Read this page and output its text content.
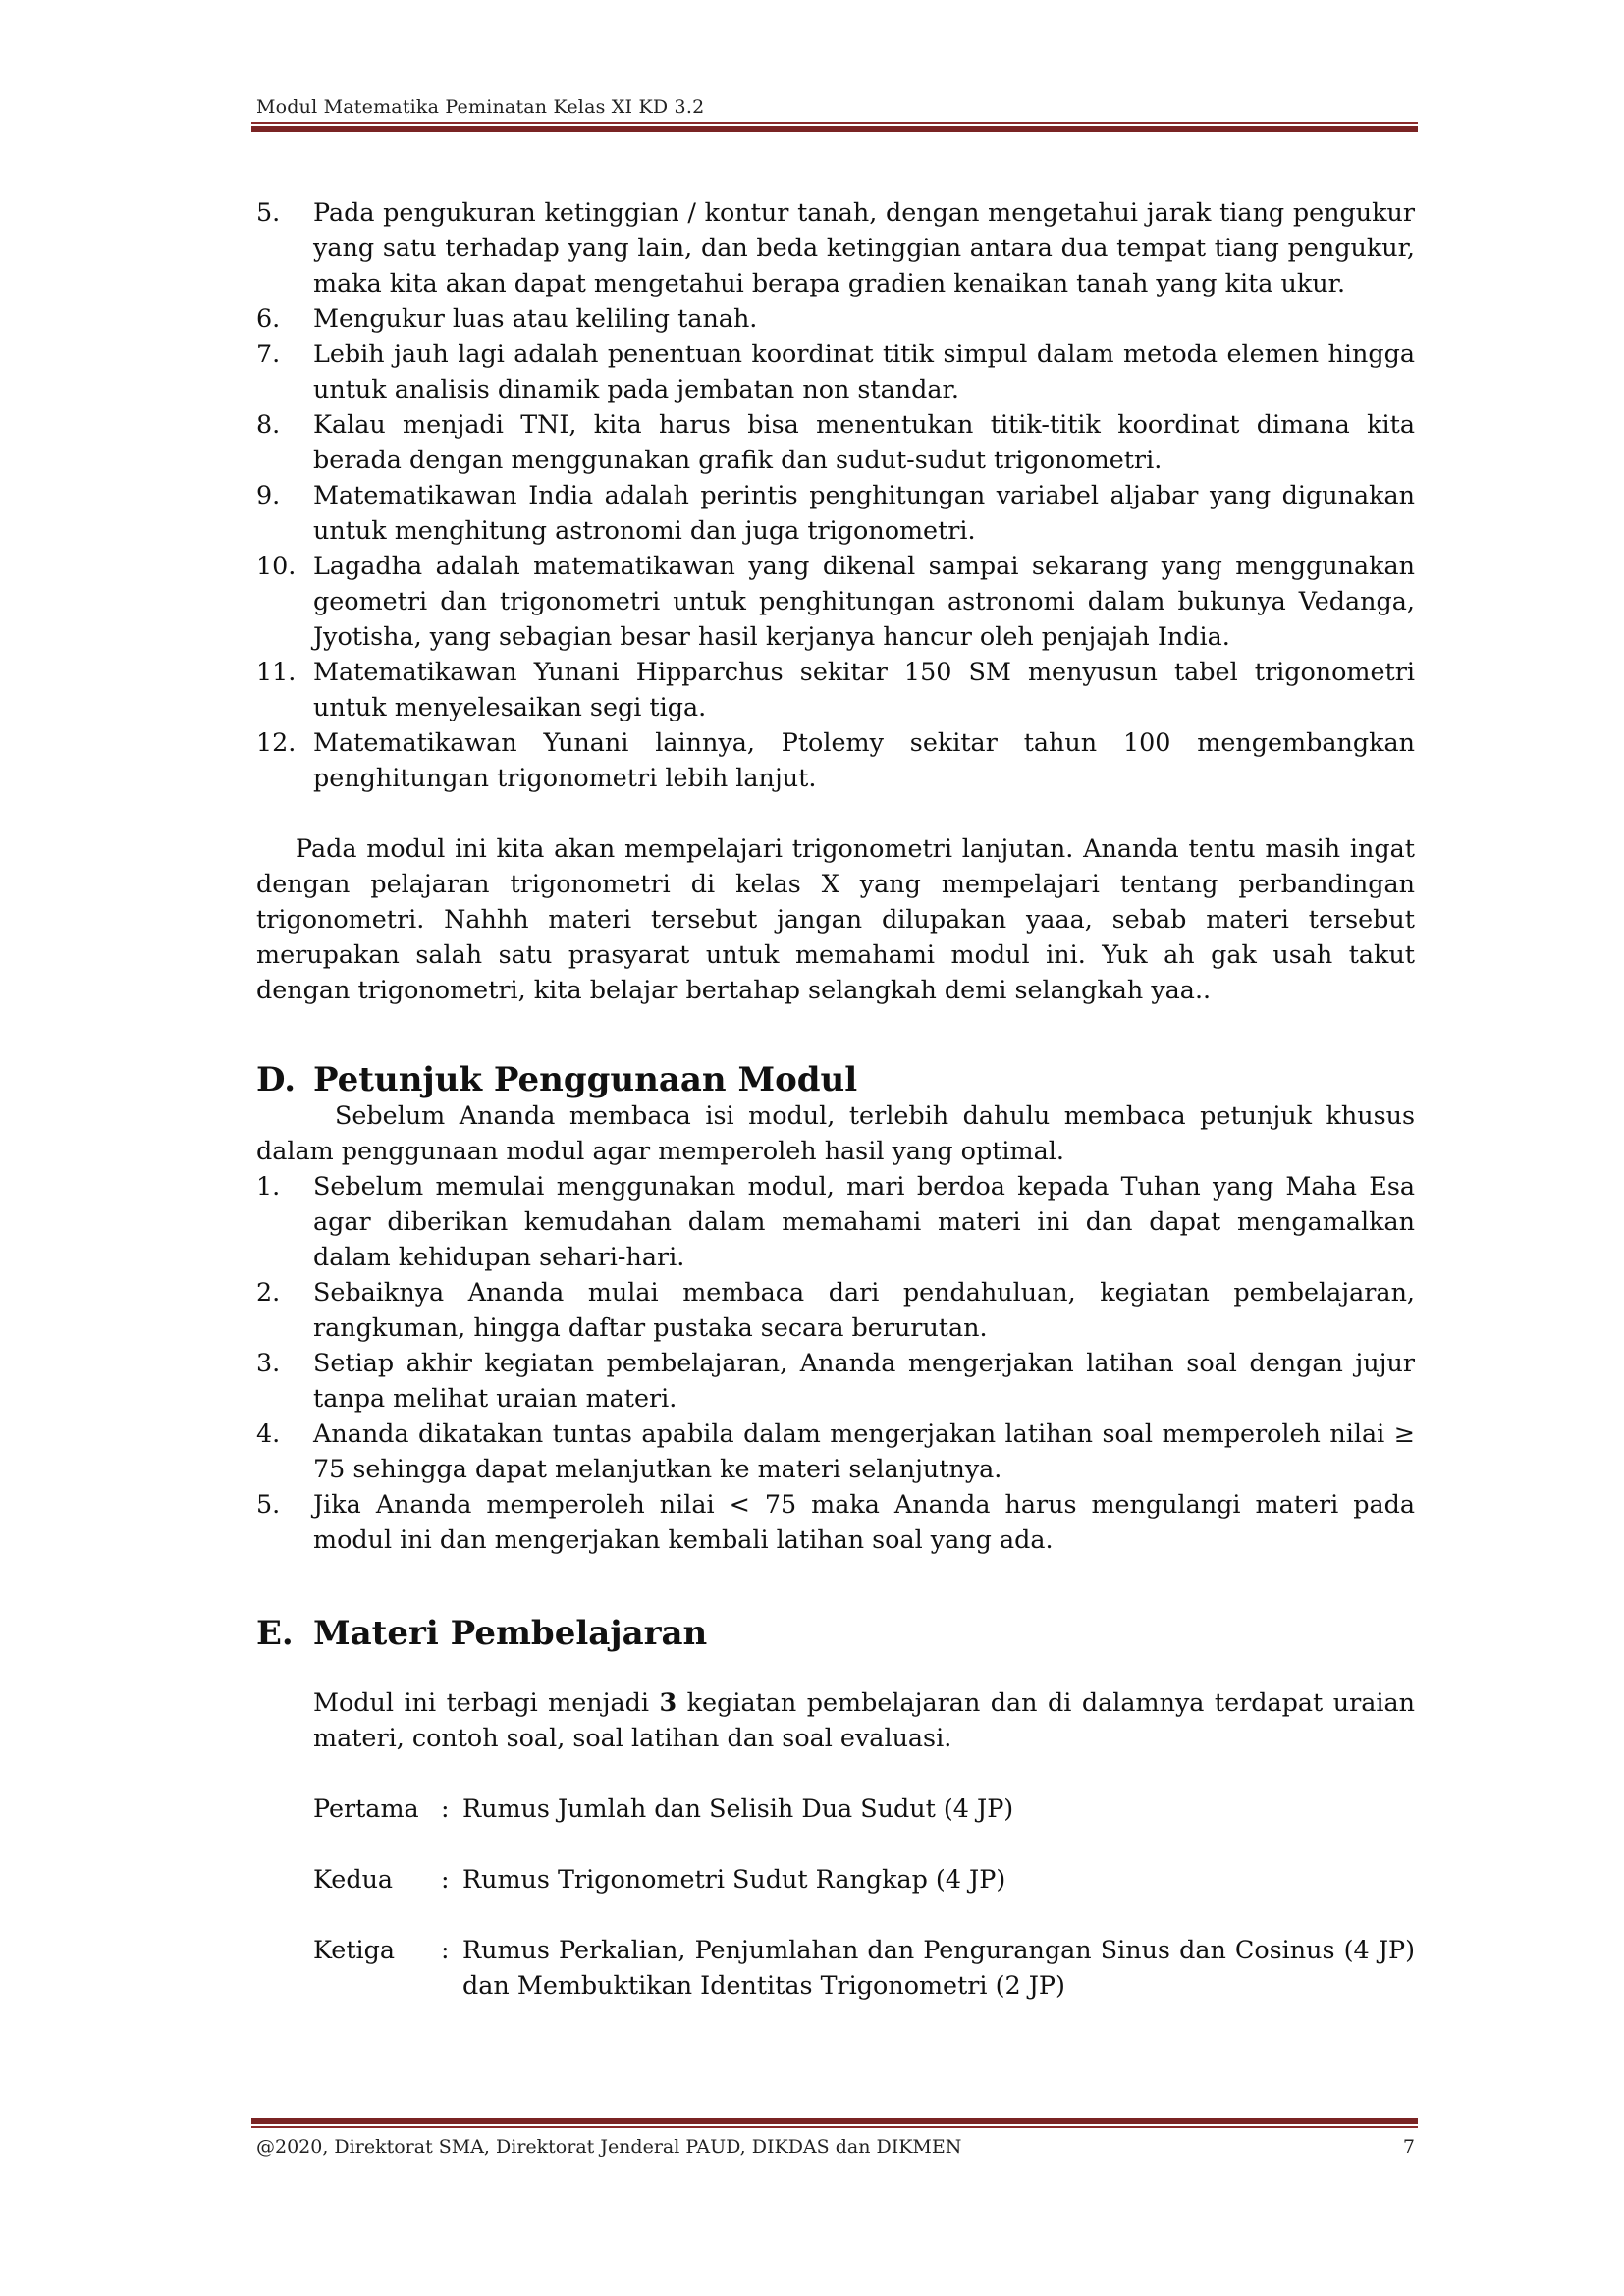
Modul Matematika Peminatan Kelas XI KD 3.2
5.	Pada pengukuran ketinggian / kontur tanah, dengan mengetahui jarak tiang pengukur yang satu terhadap yang lain, dan beda ketinggian antara dua tempat tiang pengukur, maka kita akan dapat mengetahui berapa gradien kenaikan tanah yang kita ukur.
6.	Mengukur luas atau keliling tanah.
7.	Lebih jauh lagi adalah penentuan koordinat titik simpul dalam metoda elemen hingga untuk analisis dinamik pada jembatan non standar.
8.	Kalau menjadi TNI, kita harus bisa menentukan titik-titik koordinat dimana kita berada dengan menggunakan grafik dan sudut-sudut trigonometri.
9.	Matematikawan India adalah perintis penghitungan variabel aljabar yang digunakan untuk menghitung astronomi dan juga trigonometri.
10. Lagadha adalah matematikawan yang dikenal sampai sekarang yang menggunakan geometri dan trigonometri untuk penghitungan astronomi dalam bukunya Vedanga, Jyotisha, yang sebagian besar hasil kerjanya hancur oleh penjajah India.
11. Matematikawan Yunani Hipparchus sekitar 150 SM menyusun tabel trigonometri untuk menyelesaikan segi tiga.
12. Matematikawan Yunani lainnya, Ptolemy sekitar tahun 100 mengembangkan penghitungan trigonometri lebih lanjut.

Pada modul ini kita akan mempelajari trigonometri lanjutan. Ananda tentu masih ingat dengan pelajaran trigonometri di kelas X yang mempelajari tentang perbandingan trigonometri. Nahhh materi tersebut jangan dilupakan yaaa, sebab materi tersebut merupakan salah satu prasyarat untuk memahami modul ini. Yuk ah gak usah takut dengan trigonometri, kita belajar bertahap selangkah demi selangkah yaa..

D. Petunjuk Penggunaan Modul

Sebelum Ananda membaca isi modul, terlebih dahulu membaca petunjuk khusus dalam penggunaan modul agar memperoleh hasil yang optimal.

1.	Sebelum memulai menggunakan modul, mari berdoa kepada Tuhan yang Maha Esa agar diberikan kemudahan dalam memahami materi ini dan dapat mengamalkan dalam kehidupan sehari-hari.
2.	Sebaiknya Ananda mulai membaca dari pendahuluan, kegiatan pembelajaran, rangkuman, hingga daftar pustaka secara berurutan.
3.	Setiap akhir kegiatan pembelajaran, Ananda mengerjakan latihan soal dengan jujur tanpa melihat uraian materi.
4.	Ananda dikatakan tuntas apabila dalam mengerjakan latihan soal memperoleh nilai ≥ 75 sehingga dapat melanjutkan ke materi selanjutnya.
5.	Jika Ananda memperoleh nilai < 75 maka Ananda harus mengulangi materi pada modul ini dan mengerjakan kembali latihan soal yang ada.
E. Materi Pembelajaran

Modul ini terbagi menjadi 3 kegiatan pembelajaran dan di dalamnya terdapat uraian materi, contoh soal, soal latihan dan soal evaluasi.

Pertama : Rumus Jumlah dan Selisih Dua Sudut (4 JP)
Kedua	: Rumus Trigonometri Sudut Rangkap (4 JP)
Ketiga	: Rumus Perkalian, Penjumlahan dan Pengurangan Sinus dan Cosinus (4 JP) dan Membuktikan Identitas Trigonometri (2 JP)
@2020, Direktorat SMA, Direktorat Jenderal PAUD, DIKDAS dan DIKMEN	7
